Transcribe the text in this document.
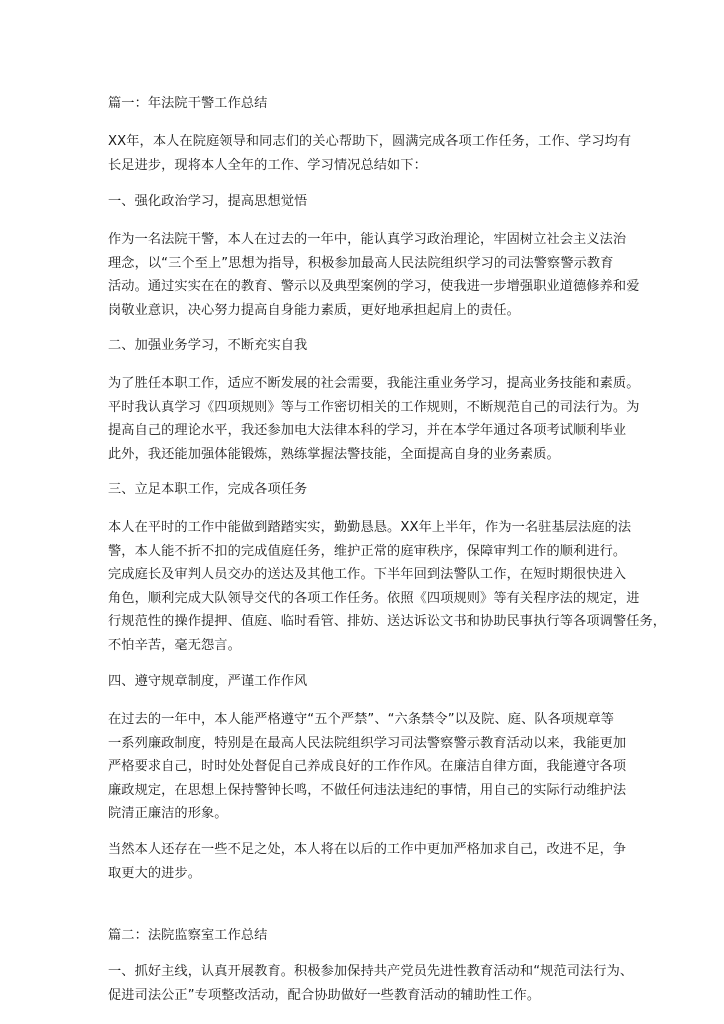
篇一：年法院干警工作总结

XX年，本人在院庭领导和同志们的关心帮助下，圆满完成各项工作任务，工作、学习均有
长足进步，现将本人全年的工作、学习情况总结如下：

一、强化政治学习，提高思想觉悟

作为一名法院干警，本人在过去的一年中，能认真学习政治理论，牢固树立社会主义法治
理念，以“三个至上”思想为指导，积极参加最高人民法院组织学习的司法警察警示教育
活动。通过实实在在的教育、警示以及典型案例的学习，使我进一步增强职业道德修养和爱
岗敬业意识，决心努力提高自身能力素质，更好地承担起肩上的责任。

二、加强业务学习，不断充实自我

为了胜任本职工作，适应不断发展的社会需要，我能注重业务学习，提高业务技能和素质。
平时我认真学习《四项规则》等与工作密切相关的工作规则，不断规范自己的司法行为。为
提高自己的理论水平，我还参加电大法律本科的学习，并在本学年通过各项考试顺利毕业
此外，我还能加强体能锻炼，熟练掌握法警技能，全面提高自身的业务素质。

三、立足本职工作，完成各项任务

本人在平时的工作中能做到踏踏实实，勤勤恳恳。XX年上半年，作为一名驻基层法庭的法
警，本人能不折不扣的完成值庭任务，维护正常的庭审秩序，保障审判工作的顺利进行。
完成庭长及审判人员交办的送达及其他工作。下半年回到法警队工作，在短时期很快进入
角色，顺利完成大队领导交代的各项工作任务。依照《四项规则》等有关程序法的规定，进
行规范性的操作提押、值庭、临时看管、排妨、送达诉讼文书和协助民事执行等各项调警任务，
不怕辛苦，毫无怨言。

四、遵守规章制度，严谨工作作风

在过去的一年中，本人能严格遵守“五个严禁”、“六条禁令”以及院、庭、队各项规章等
一系列廉政制度，特别是在最高人民法院组织学习司法警察警示教育活动以来，我能更加
严格要求自己，时时处处督促自己养成良好的工作作风。在廉洁自律方面，我能遵守各项
廉政规定，在思想上保持警钟长鸣，不做任何违法违纪的事情，用自己的实际行动维护法
院清正廉洁的形象。

当然本人还存在一些不足之处，本人将在以后的工作中更加严格加求自己，改进不足，争
取更大的进步。

篇二：法院监察室工作总结

一、抓好主线，认真开展教育。积极参加保持共产党员先进性教育活动和“规范司法行为、
促进司法公正”专项整改活动，配合协助做好一些教育活动的辅助性工作。
